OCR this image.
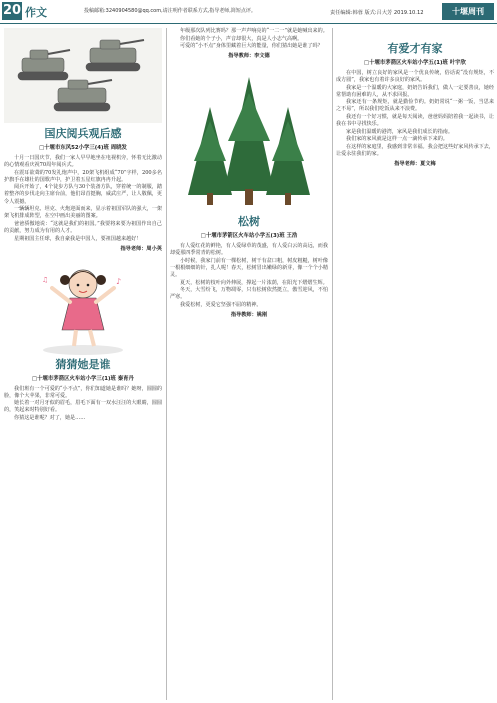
20 作文	投稿邮箱:3240904580@qq.com,请注明作者联系方式,指导老师,简短点评。	责任编辑:韩蓉 版式:吕大芳 2019.10.12	十堰周刊
国庆阅兵观后感
□十堰市东风52小学三(4)班 周晓发

十月一日国庆节，我们一家人早早地坐在电视机旁，怀着无比激动的心情观看庆祝70周年阅兵式。

在震耳欲聋的70发礼炮声中，20架飞机组成“70”字样，200多名护旗手在雄壮的国歌声中，护卫着五星红旗冉冉升起。

阅兵开始了，4个徒步方队与30个装备方队，穿着统一的制服，踏着整齐的步伐走向主席台前，他们昂首挺胸，威武庄严，让人敬佩，更令人震撼。

一辆辆坦克、坦克、火炮迎面而来，显示着祖国军队的强大，一架架飞机排成阵型，在空中画出美丽的图案。

爸爸骄傲地说：“这就是我们的祖国。”我要将来要为祖国作出自己的贡献，努力成为有用的人才。

星期祖国主任球，我自豪我是中国人，要祖国越来越好！

指导老师：周小英
♪
♫
猜猜她是谁
□十堰市茅箭区火车站小学三(1)班 秦育丹

我们班有一个可爱的“小不点”，你们知道她是谁吗？她呀，圆圆的脸，像个大苹果，非常可爱。

她长着一对月牙似的眉毛，眉毛下面有一双水汪汪的大眼睛，圆圆的，笑起来时特别好看。

你猜这是谁呢？对了，她是……

年级那次队列比赛吗？那一声声响亮的“一二一”就是她喊出来的。

你们看她的个子小，声音却很大，真是人小志气高啊。

可爱的“小不点”身体里藏着巨大的能量，你们猜出她是谁了吗？

指导教师：李文德
松树
□十堰市茅箭区火车站小学五(3)班 王浩

有人爱红花的鲜艳，有人爱绿草的茂盛，有人爱白云的高远，而我却爱那四季常青的松树。

小时候，我家门前有一棵松树，树干有盆口粗，树皮粗糙，树叶像一根根细细的针，扎人呢！春天，松树冒出嫩绿的新芽，像一个个小精灵。

夏天，松树的枝叶向外伸展，撑起一片浓荫，在阳光下熠熠生辉。

冬天，大雪纷飞，万物凋零，只有松树依然挺立，傲雪迎风，不怕严寒。

我爱松树，更爱它坚强不屈的精神。

指导教师：姚刚
有爱才有家
□十堰市茅箭区火车站小学五(1)班 叶宇欣

在中国，树立良好的家风是一个优良传统，俗话说“没有规矩，不成方圆”，我家也有着许多良好的家风。

我家是一个温暖的大家庭，奶奶告诉我们，做人一定要善良，她经常帮助有困难的人，从不求回报。

我家还有一条规矩，就是勤俭节约。奶奶常说“一粥一饭，当思来之不易”，所以我们吃饭从来不浪费。

我还有一个好习惯，就是每天阅读，爸爸妈妈陪着我一起读书，让我在书中寻找快乐。

家是我们温暖的港湾，家风是我们成长的指南。

我们家的家风就是这样一点一滴传承下来的。

在这样的家庭里，我感到非常幸福。我会把这些好家风传承下去，让爱永驻我们的家。

指导老师：夏文梅
